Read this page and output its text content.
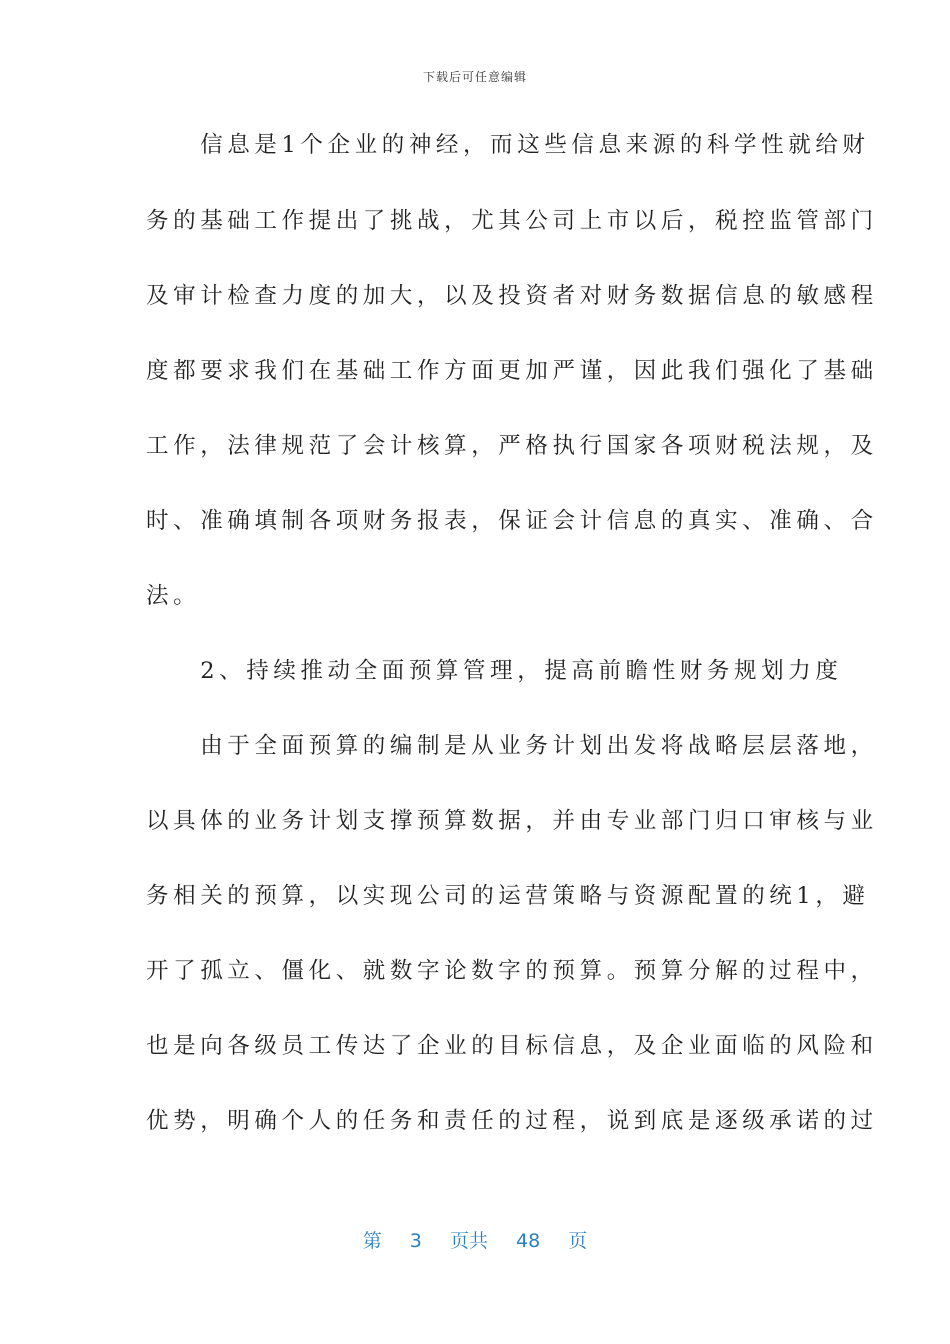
下载后可任意编辑
　　信息是1个企业的神经，而这些信息来源的科学性就给财
务的基础工作提出了挑战，尤其公司上市以后，税控监管部门
及审计检查力度的加大，以及投资者对财务数据信息的敏感程
度都要求我们在基础工作方面更加严谨，因此我们强化了基础
工作，法律规范了会计核算，严格执行国家各项财税法规，及
时、准确填制各项财务报表，保证会计信息的真实、准确、合
法。
　　2、持续推动全面预算管理，提高前瞻性财务规划力度
　　由于全面预算的编制是从业务计划出发将战略层层落地，
以具体的业务计划支撑预算数据，并由专业部门归口审核与业
务相关的预算，以实现公司的运营策略与资源配置的统1，避
开了孤立、僵化、就数字论数字的预算。预算分解的过程中，
也是向各级员工传达了企业的目标信息，及企业面临的风险和
优势，明确个人的任务和责任的过程，说到底是逐级承诺的过
第 3 页共 48 页
